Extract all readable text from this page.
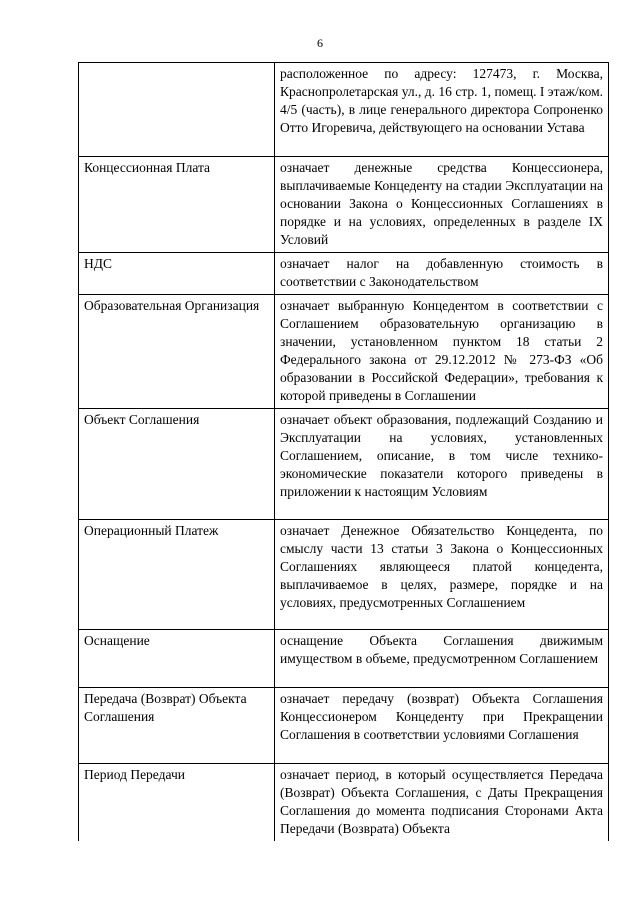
6
	расположенное по адресу: 127473, г. Москва, Краснопролетарская ул., д. 16 стр. 1, помещ. I этаж/ком. 4/5 (часть), в лице генерального директора Сопроненко Отто Игоревича, действующего на основании Устава
Концессионная Плата	означает денежные средства Концессионера, выплачиваемые Концеденту на стадии Эксплуатации на основании Закона о Концессионных Соглашениях в порядке и на условиях, определенных в разделе IX Условий
НДС	означает налог на добавленную стоимость в соответствии с Законодательством
Образовательная Организация	означает выбранную Концедентом в соответствии с Соглашением образовательную организацию в значении, установленном пунктом 18 статьи 2 Федерального закона от 29.12.2012 № 273-ФЗ «Об образовании в Российской Федерации», требования к которой приведены в Соглашении
Объект Соглашения	означает объект образования, подлежащий Созданию и Эксплуатации на условиях, установленных Соглашением, описание, в том числе технико-экономические показатели которого приведены в приложении к настоящим Условиям
Операционный Платеж	означает Денежное Обязательство Концедента, по смыслу части 13 статьи 3 Закона о Концессионных Соглашениях являющееся платой концедента, выплачиваемое в целях, размере, порядке и на условиях, предусмотренных Соглашением
Оснащение	оснащение Объекта Соглашения движимым имуществом в объеме, предусмотренном Соглашением
Передача (Возврат) Объекта Соглашения	означает передачу (возврат) Объекта Соглашения Концессионером Концеденту при Прекращении Соглашения в соответствии условиями Соглашения
Период Передачи	означает период, в который осуществляется Передача (Возврат) Объекта Соглашения, с Даты Прекращения Соглашения до момента подписания Сторонами Акта Передачи (Возврата) Объекта
